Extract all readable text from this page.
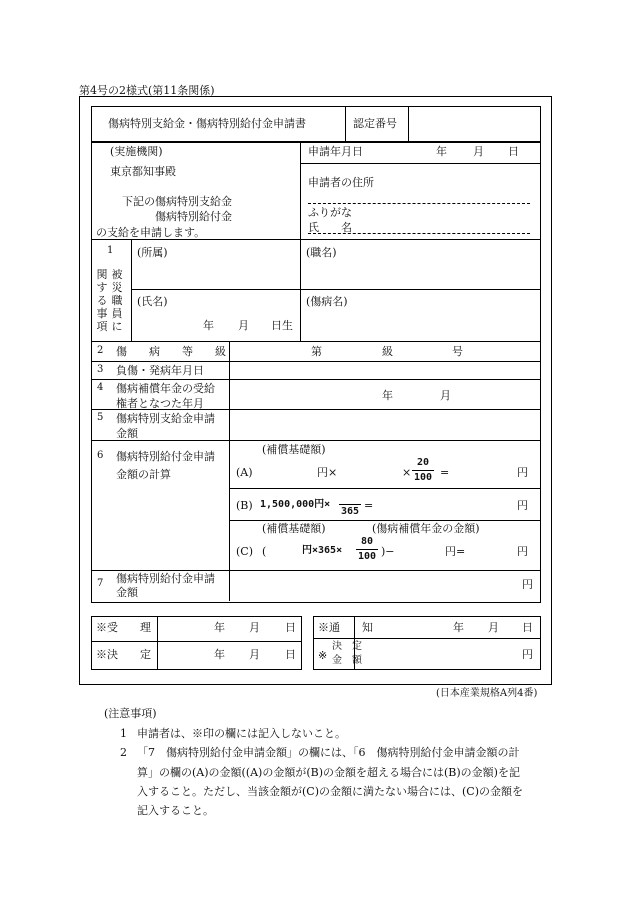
第4号の2様式(第11条関係)
傷病特別支給金・傷病特別給付金申請書	認定番号
(実施機関)
東京都知事殿
下記の傷病特別支給金
傷病特別給付金
の支給を申請します。
申請年月日	年 月 日
申請者の住所
ふりがな
氏　　名
1
関する事項
被災職員に
(所属)	(職名)
(氏名)	(傷病名)
年 月 日生
2 傷　　病　　等　　級	第	級	号
3 負傷・発病年月日
4 傷病補償年金の受給
権者となつた年月
年	月
5 傷病特別支給金申請
金額
6 傷病特別給付金申請
金額の計算
(補償基礎額)
(A)	円×	× $\frac{20}{100}$ =	円
(B) 1,500,000円×
365 =	円
(補償基礎額)	(傷病補償年金の金額)
(C) (	円$\times 365\times \frac{80}{100}$ )−	円=	円
7 傷病特別給付金申請
金額
円
※受　　理	年 月 日
※決　　定	年 月 日
※通　　知	年 月 日
※
決　定
金　額	円
(日本産業規格A列4番)
(注意事項)
1 申請者は、※印の欄には記入しないこと。
2 「7　傷病特別給付金申請金額」の欄には、「6　傷病特別給付金申請金額の計
算」の欄の(A)の金額((A)の金額が(B)の金額を超える場合には(B)の金額)を記
入すること。ただし、当該金額が(C)の金額に満たない場合には、(C)の金額を
記入すること。
